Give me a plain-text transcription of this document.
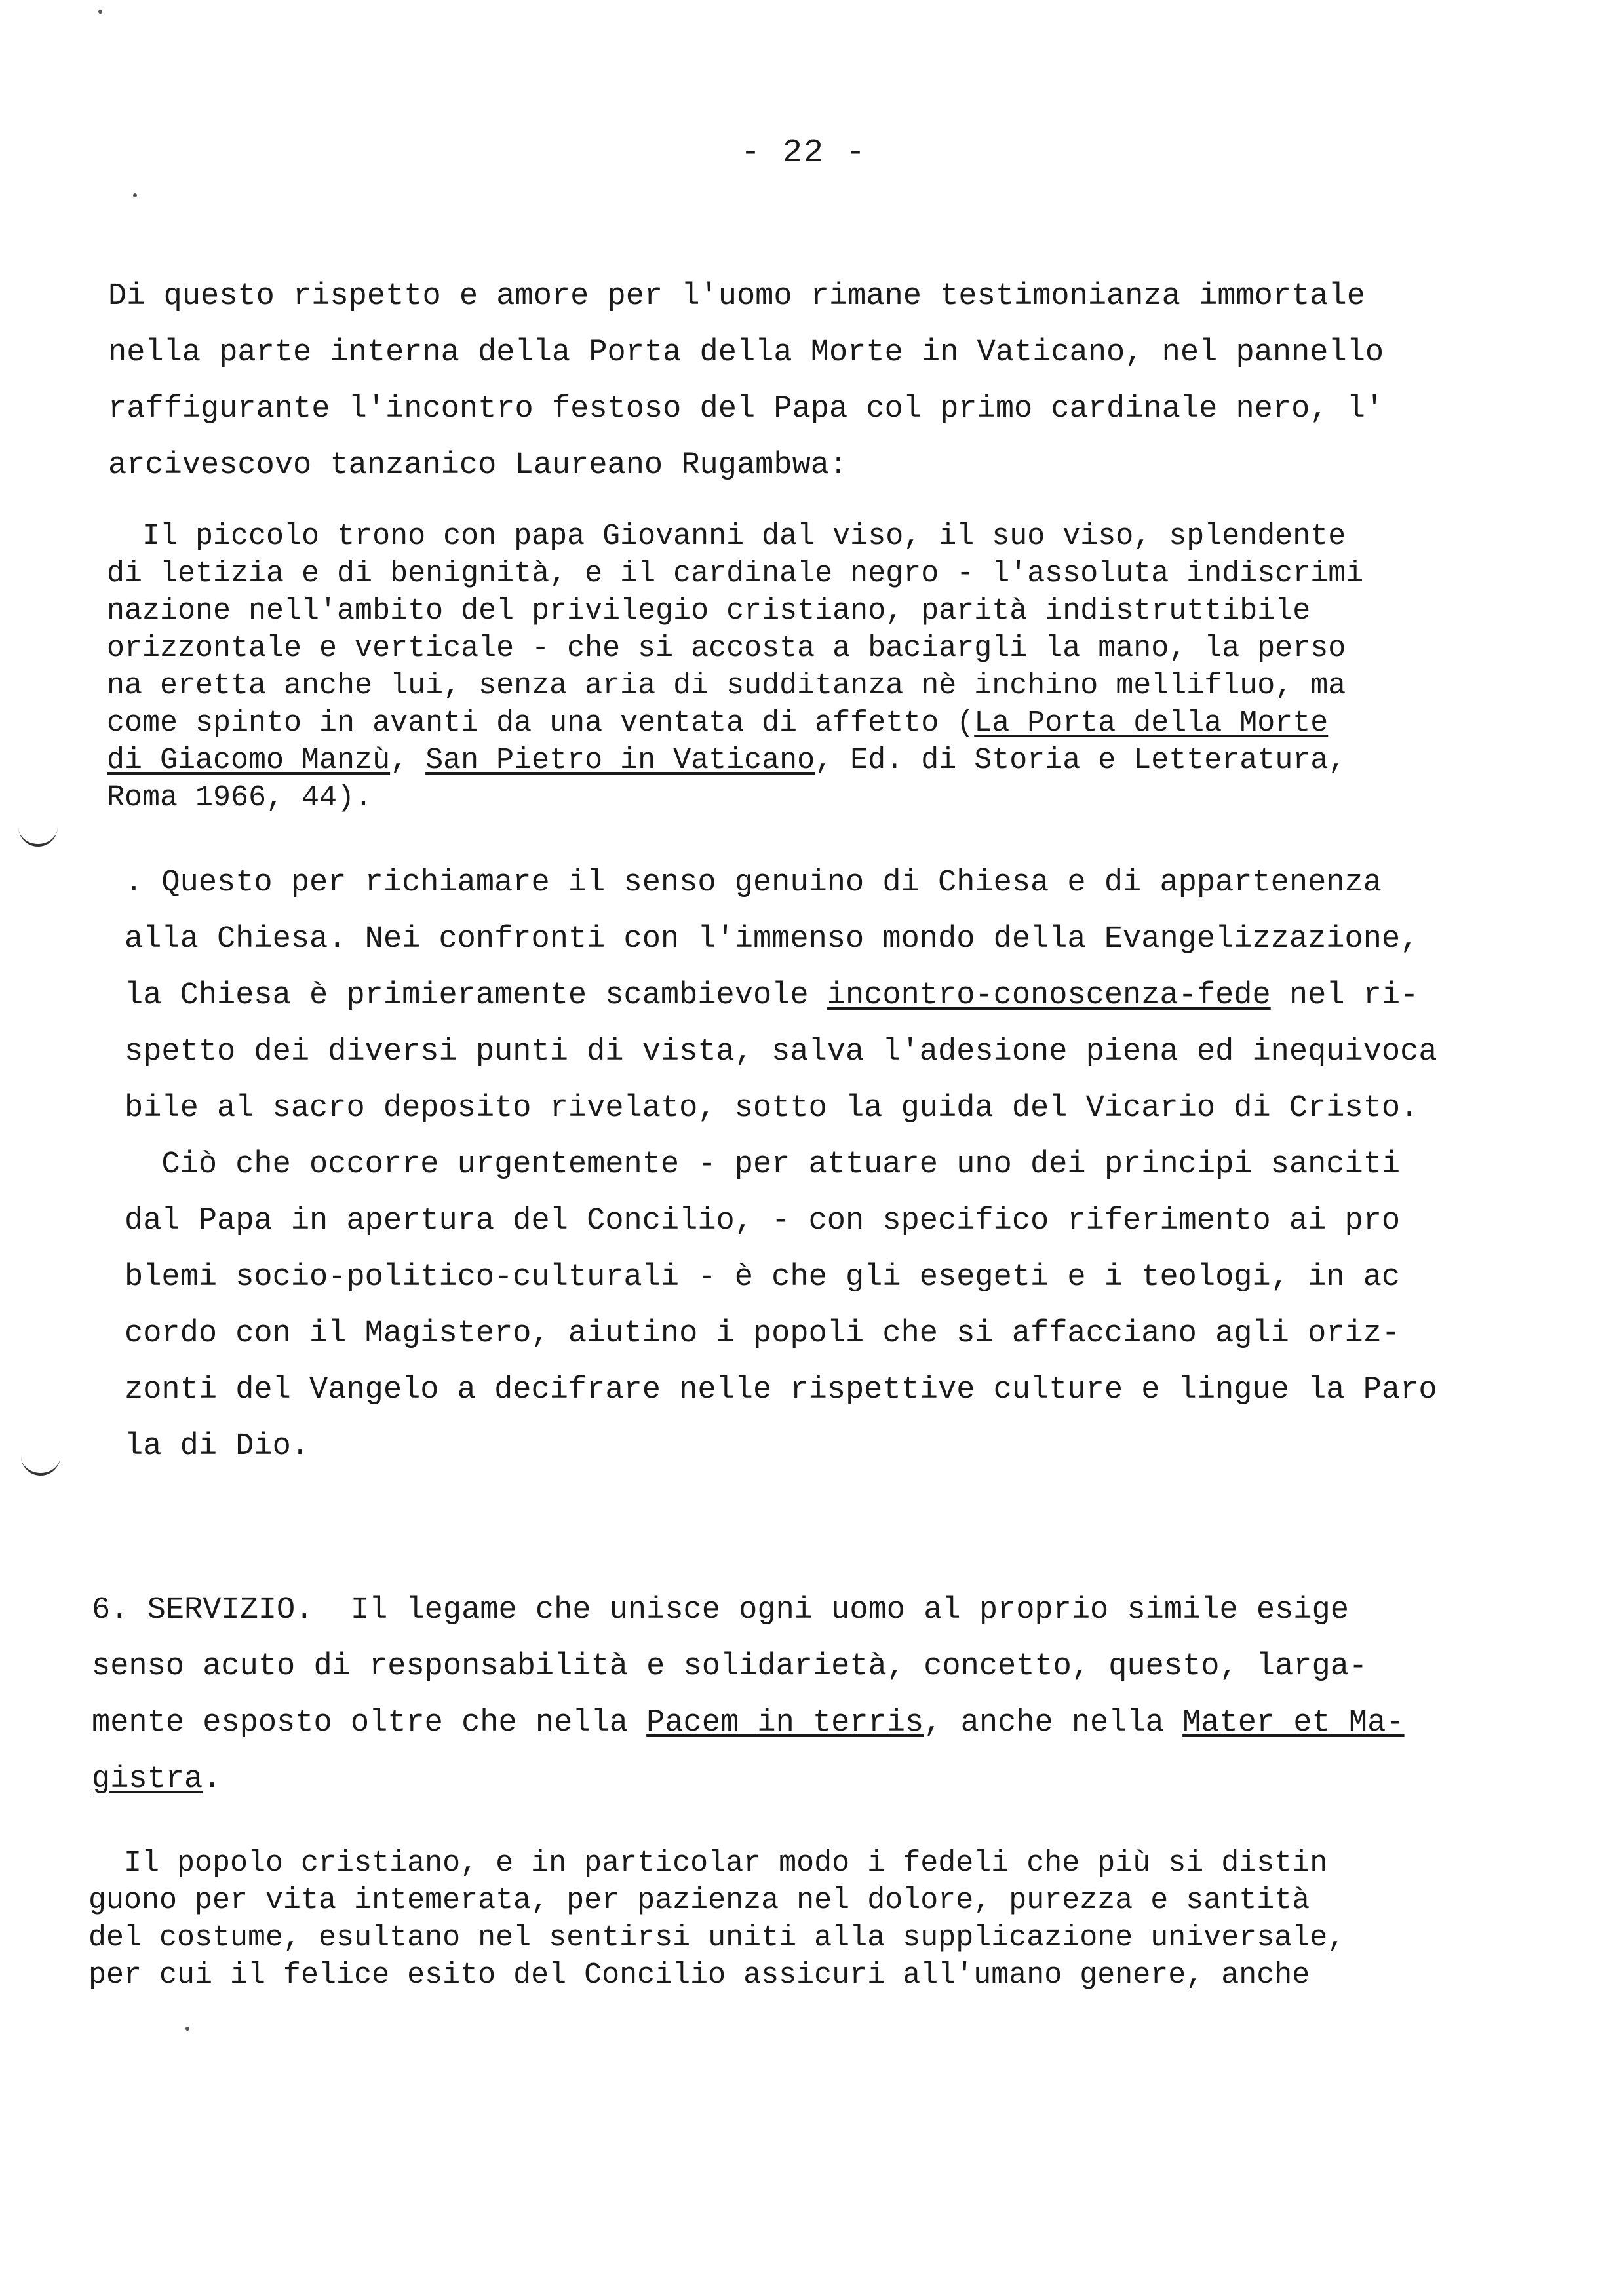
- 22 -
Di questo rispetto e amore per l'uomo rimane testimonianza immortale
nella parte interna della Porta della Morte in Vaticano, nel pannello
raffigurante l'incontro festoso del Papa col primo cardinale nero, l'
arcivescovo tanzanico Laureano Rugambwa:
Il piccolo trono con papa Giovanni dal viso, il suo viso, splendente
di letizia e di benignità, e il cardinale negro - l'assoluta indiscrimi
nazione nell'ambito del privilegio cristiano, parità indistruttibile
orizzontale e verticale - che si accosta a baciargli la mano, la perso
na eretta anche lui, senza aria di sudditanza nè inchino mellifluo, ma
come spinto in avanti da una ventata di affetto (La Porta della Morte
di Giacomo Manzù, San Pietro in Vaticano, Ed. di Storia e Letteratura,
Roma 1966, 44).
. Questo per richiamare il senso genuino di Chiesa e di appartenenza
alla Chiesa. Nei confronti con l'immenso mondo della Evangelizzazione,
la Chiesa è primieramente scambievole incontro-conoscenza-fede nel ri-
spetto dei diversi punti di vista, salva l'adesione piena ed inequivoca
bile al sacro deposito rivelato, sotto la guida del Vicario di Cristo.
Ciò che occorre urgentemente - per attuare uno dei principi sanciti
dal Papa in apertura del Concilio, - con specifico riferimento ai pro
blemi socio-politico-culturali - è che gli esegeti e i teologi, in ac
cordo con il Magistero, aiutino i popoli che si affacciano agli oriz-
zonti del Vangelo a decifrare nelle rispettive culture e lingue la Paro
la di Dio.
6. SERVIZIO.  Il legame che unisce ogni uomo al proprio simile esige
senso acuto di responsabilità e solidarietà, concetto, questo, larga-
mente esposto oltre che nella Pacem in terris, anche nella Mater et Ma-
gistra.
Il popolo cristiano, e in particolar modo i fedeli che più si distin
guono per vita intemerata, per pazienza nel dolore, purezza e santità
del costume, esultano nel sentirsi uniti alla supplicazione universale,
per cui il felice esito del Concilio assicuri all'umano genere, anche
